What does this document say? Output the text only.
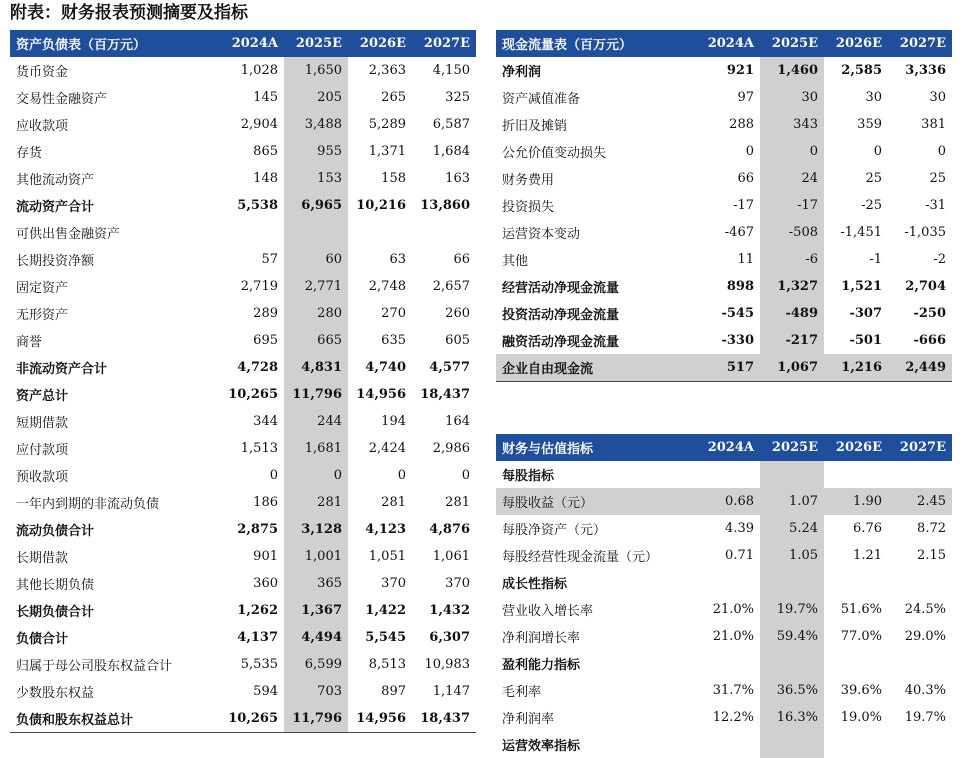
附表：财务报表预测摘要及指标
资产负债表（百万元）	2024A	2025E	2026E	2027E
货币资金	1,028	1,650	2,363	4,150
交易性金融资产	145	205	265	325
应收款项	2,904	3,488	5,289	6,587
存货	865	955	1,371	1,684
其他流动资产	148	153	158	163
流动资产合计	5,538	6,965	10,216	13,860
可供出售金融资产				
长期投资净额	57	60	63	66
固定资产	2,719	2,771	2,748	2,657
无形资产	289	280	270	260
商誉	695	665	635	605
非流动资产合计	4,728	4,831	4,740	4,577
资产总计	10,265	11,796	14,956	18,437
短期借款	344	244	194	164
应付款项	1,513	1,681	2,424	2,986
预收款项	0	0	0	0
一年内到期的非流动负债	186	281	281	281
流动负债合计	2,875	3,128	4,123	4,876
长期借款	901	1,001	1,051	1,061
其他长期负债	360	365	370	370
长期负债合计	1,262	1,367	1,422	1,432
负债合计	4,137	4,494	5,545	6,307
归属于母公司股东权益合计	5,535	6,599	8,513	10,983
少数股东权益	594	703	897	1,147
负债和股东权益总计	10,265	11,796	14,956	18,437
现金流量表（百万元）	2024A	2025E	2026E	2027E
净利润	921	1,460	2,585	3,336
资产减值准备	97	30	30	30
折旧及摊销	288	343	359	381
公允价值变动损失	0	0	0	0
财务费用	66	24	25	25
投资损失	-17	-17	-25	-31
运营资本变动	-467	-508	-1,451	-1,035
其他	11	-6	-1	-2
经营活动净现金流量	898	1,327	1,521	2,704
投资活动净现金流量	-545	-489	-307	-250
融资活动净现金流量	-330	-217	-501	-666
企业自由现金流	517	1,067	1,216	2,449
财务与估值指标	2024A	2025E	2026E	2027E
每股指标				
每股收益（元）	0.68	1.07	1.90	2.45
每股净资产（元）	4.39	5.24	6.76	8.72
每股经营性现金流量（元）	0.71	1.05	1.21	2.15
成长性指标				
营业收入增长率	21.0%	19.7%	51.6%	24.5%
净利润增长率	21.0%	59.4%	77.0%	29.0%
盈利能力指标				
毛利率	31.7%	36.5%	39.6%	40.3%
净利润率	12.2%	16.3%	19.0%	19.7%
运营效率指标				
